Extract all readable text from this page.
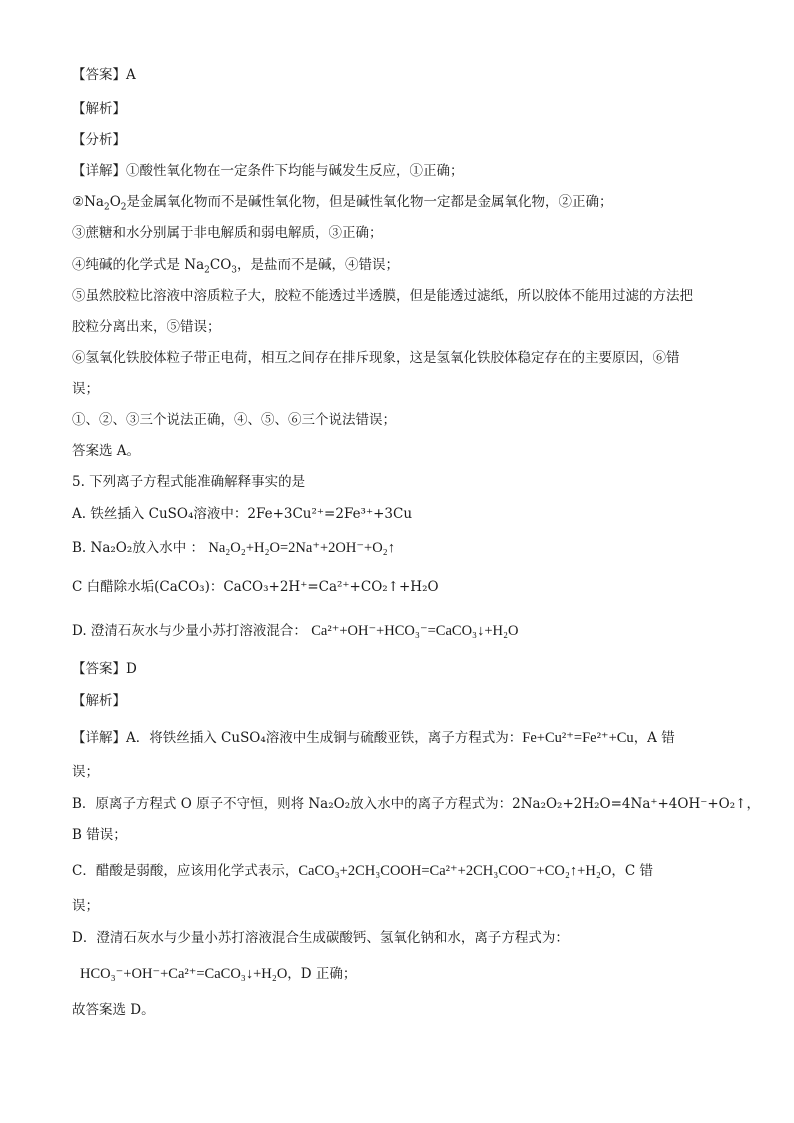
【答案】A
【解析】
【分析】
【详解】①酸性氧化物在一定条件下均能与碱发生反应，①正确；
$②Na_2O_2$是金属氧化物而不是碱性氧化物，但是碱性氧化物一定都是金属氧化物，②正确；
③蔗糖和水分别属于非电解质和弱电解质，③正确；
④纯碱的化学式是 $Na_2CO_3$，是盐而不是碱，④错误；
⑤虽然胶粒比溶液中溶质粒子大，胶粒不能透过半透膜，但是能透过滤纸，所以胶体不能用过滤的方法把
胶粒分离出来，⑤错误；
⑥氢氧化铁胶体粒子带正电荷，相互之间存在排斥现象，这是氢氧化铁胶体稳定存在的主要原因，⑥错
误；
①、②、③三个说法正确，④、⑤、⑥三个说法错误；
答案选 A。
5. 下列离子方程式能准确解释事实的是
A. 铁丝插入 CuSO₄溶液中：2Fe+3Cu²⁺=2Fe³⁺+3Cu
B. Na₂O₂放入水中 ： Na₂O₂+H₂O=2Na⁺+2OH⁻+O₂↑
C 白醋除水垢(CaCO₃)：CaCO₃+2H⁺=Ca²⁺+CO₂↑+H₂O
D. 澄清石灰水与少量小苏打溶液混合： Ca²⁺+OH⁻+HCO₃⁻=CaCO₃↓+H₂O
【答案】D
【解析】
【详解】A．将铁丝插入 CuSO₄溶液中生成铜与硫酸亚铁，离子方程式为：Fe+Cu²⁺=Fe²⁺+Cu，A 错
误；
B．原离子方程式 O 原子不守恒，则将 Na₂O₂放入水中的离子方程式为：2Na₂O₂+2H₂O=4Na⁺+4OH⁻+O₂↑，
B 错误；
C．醋酸是弱酸，应该用化学式表示，CaCO₃+2CH₃COOH=Ca²⁺+2CH₃COO⁻+CO₂↑+H₂O，C 错
误；
D．澄清石灰水与少量小苏打溶液混合生成碳酸钙、氢氧化钠和水，离子方程式为：
HCO₃⁻+OH⁻+Ca²⁺=CaCO₃↓+H₂O，D 正确；
故答案选 D。
